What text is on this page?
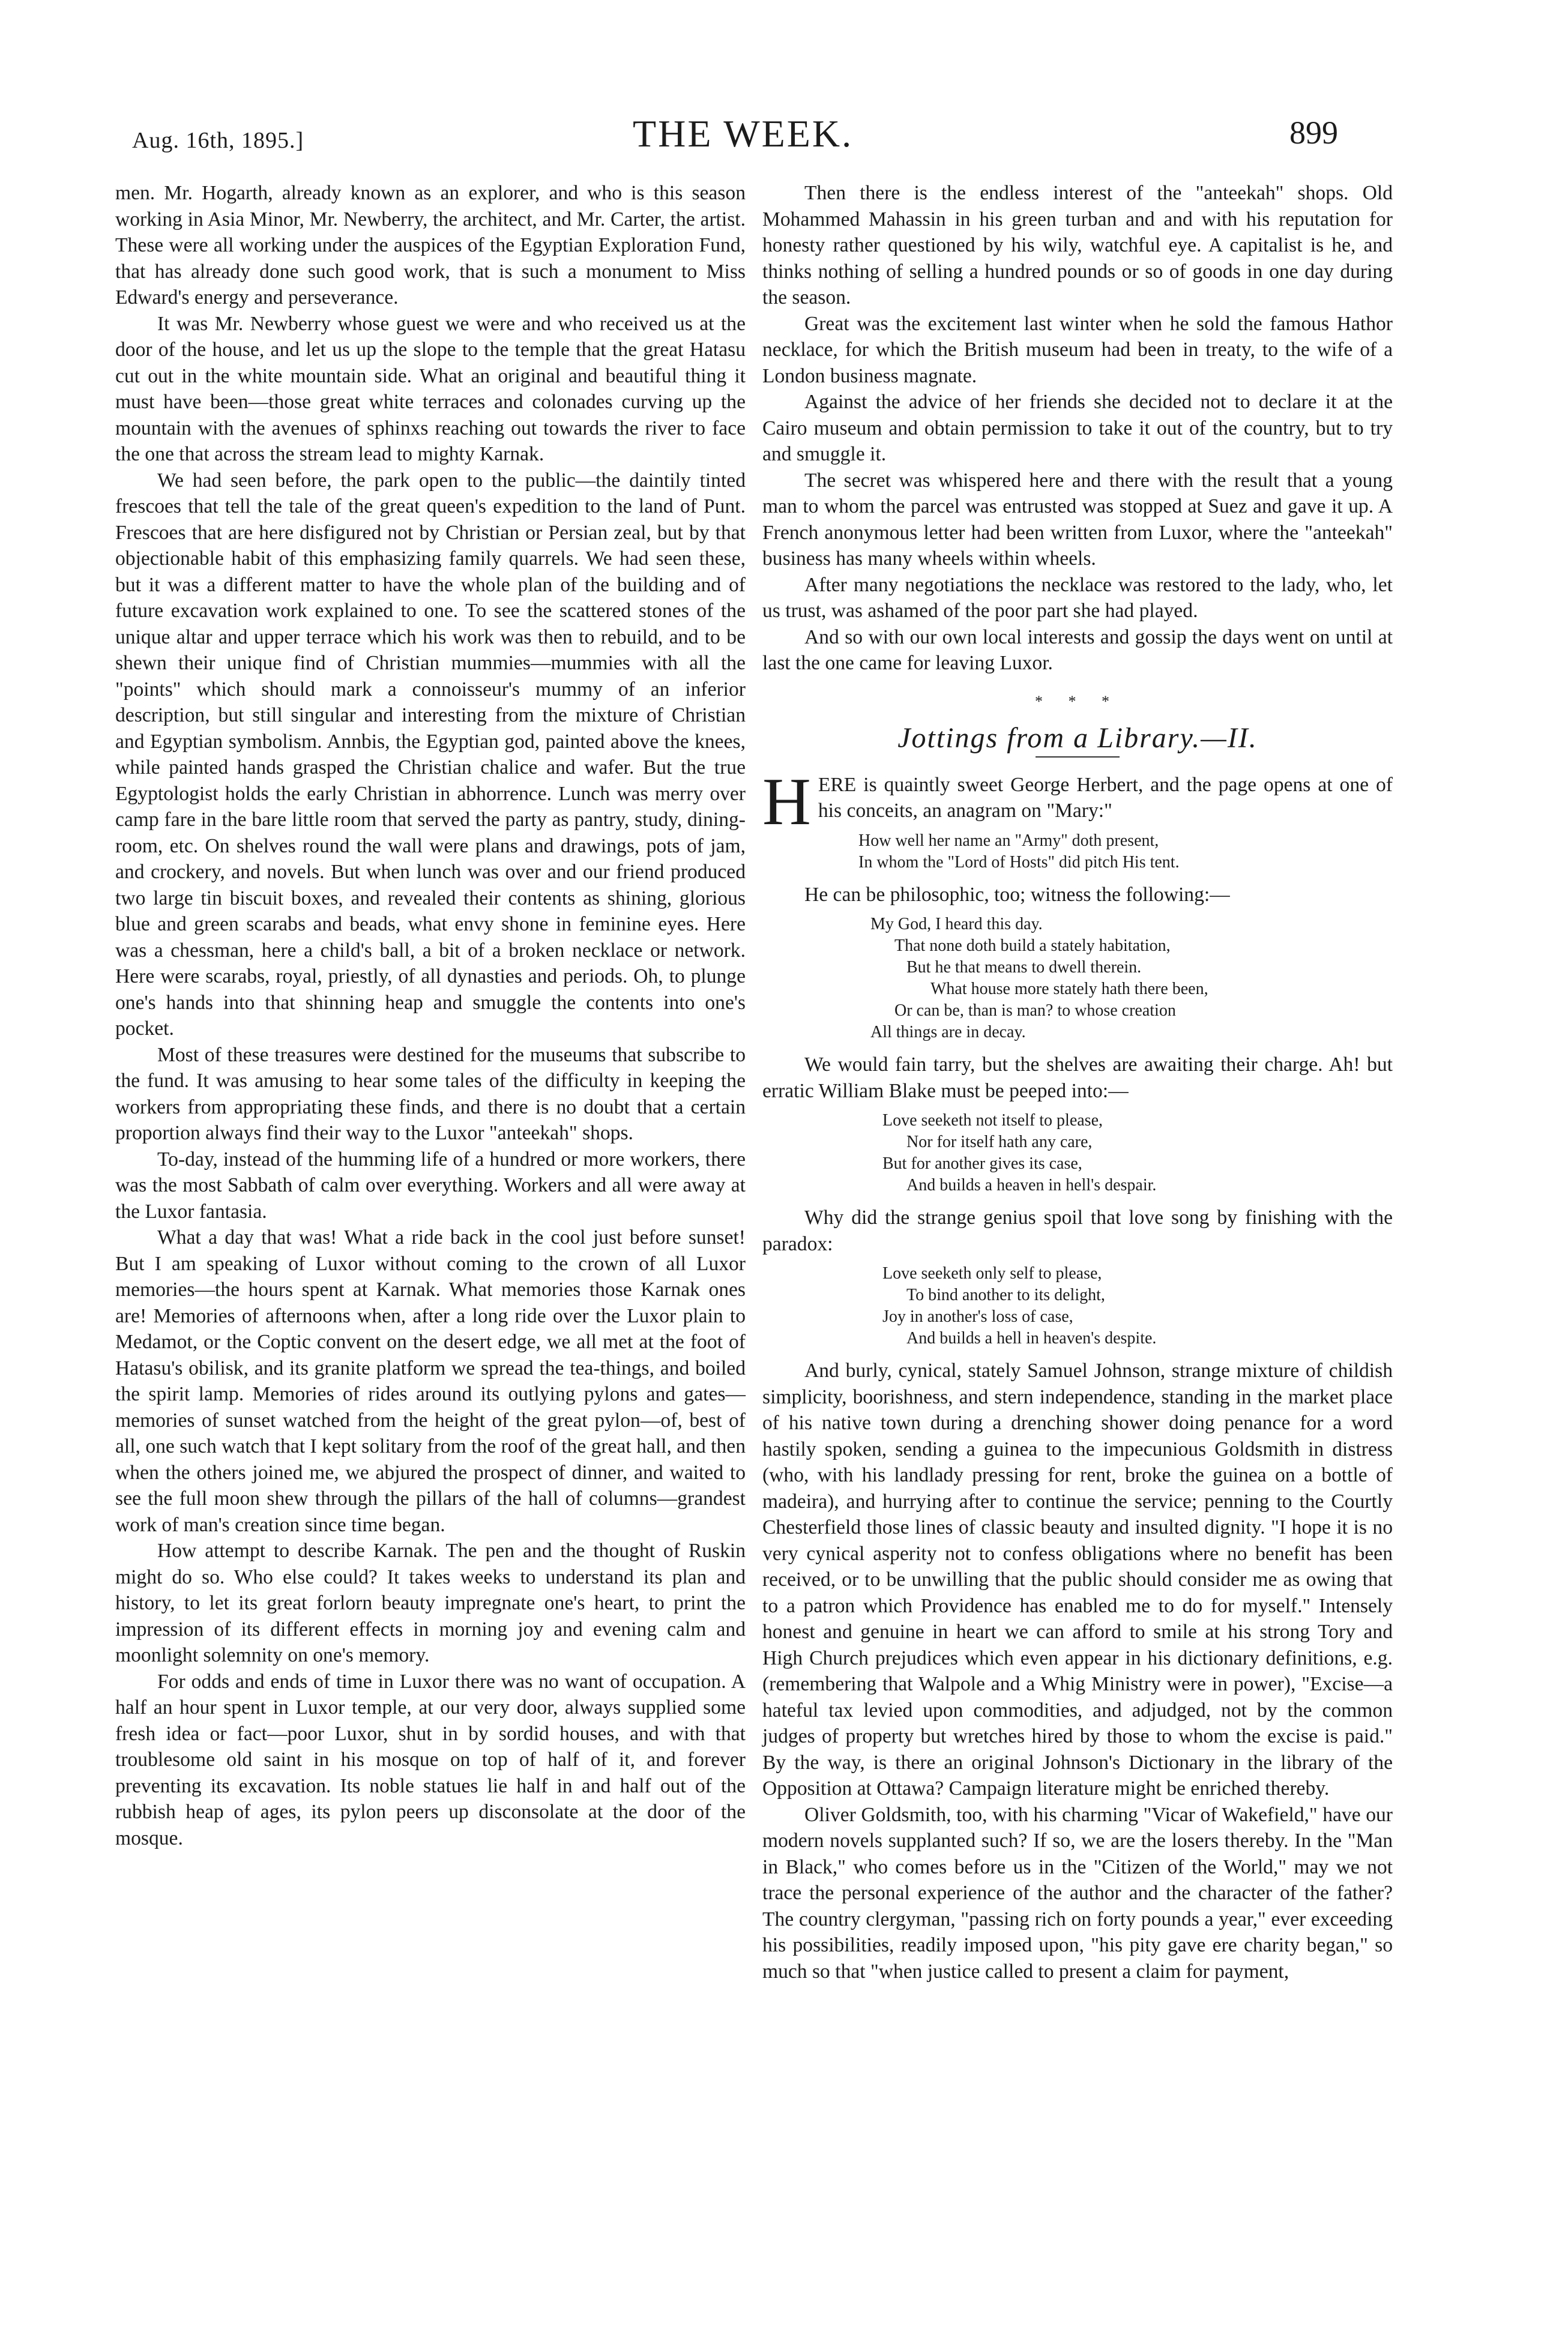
Aug. 16th, 1895.]	THE WEEK.	899

men. Mr. Hogarth, already known as an explorer, and who is this season working in Asia Minor, Mr. Newberry, the architect, and Mr. Carter, the artist. These were all working under the auspices of the Egyptian Exploration Fund, that has already done such good work, that is such a monument to Miss Edward's energy and perseverance.

It was Mr. Newberry whose guest we were and who received us at the door of the house, and let us up the slope to the temple that the great Hatasu cut out in the white mountain side. What an original and beautiful thing it must have been—those great white terraces and colonades curving up the mountain with the avenues of sphinxs reaching out towards the river to face the one that across the stream lead to mighty Karnak.

We had seen before, the park open to the public—the daintily tinted frescoes that tell the tale of the great queen's expedition to the land of Punt. Frescoes that are here disfigured not by Christian or Persian zeal, but by that objectionable habit of this emphasizing family quarrels. We had seen these, but it was a different matter to have the whole plan of the building and of future excavation work explained to one. To see the scattered stones of the unique altar and upper terrace which his work was then to rebuild, and to be shewn their unique find of Christian mummies—mummies with all the "points" which should mark a connoisseur's mummy of an inferior description, but still singular and interesting from the mixture of Christian and Egyptian symbolism. Annbis, the Egyptian god, painted above the knees, while painted hands grasped the Christian chalice and wafer. But the true Egyptologist holds the early Christian in abhorrence. Lunch was merry over camp fare in the bare little room that served the party as pantry, study, dining-room, etc. On shelves round the wall were plans and drawings, pots of jam, and crockery, and novels. But when lunch was over and our friend produced two large tin biscuit boxes, and revealed their contents as shining, glorious blue and green scarabs and beads, what envy shone in feminine eyes. Here was a chessman, here a child's ball, a bit of a broken necklace or network. Here were scarabs, royal, priestly, of all dynasties and periods. Oh, to plunge one's hands into that shinning heap and smuggle the contents into one's pocket.

Most of these treasures were destined for the museums that subscribe to the fund. It was amusing to hear some tales of the difficulty in keeping the workers from appropriating these finds, and there is no doubt that a certain proportion always find their way to the Luxor "anteekah" shops.

To-day, instead of the humming life of a hundred or more workers, there was the most Sabbath of calm over everything. Workers and all were away at the Luxor fantasia.

What a day that was! What a ride back in the cool just before sunset! But I am speaking of Luxor without coming to the crown of all Luxor memories—the hours spent at Karnak. What memories those Karnak ones are! Memories of afternoons when, after a long ride over the Luxor plain to Medamot, or the Coptic convent on the desert edge, we all met at the foot of Hatasu's obilisk, and its granite platform we spread the tea-things, and boiled the spirit lamp. Memories of rides around its outlying pylons and gates—memories of sunset watched from the height of the great pylon—of, best of all, one such watch that I kept solitary from the roof of the great hall, and then when the others joined me, we abjured the prospect of dinner, and waited to see the full moon shew through the pillars of the hall of columns—grandest work of man's creation since time began.

How attempt to describe Karnak. The pen and the thought of Ruskin might do so. Who else could? It takes weeks to understand its plan and history, to let its great forlorn beauty impregnate one's heart, to print the impression of its different effects in morning joy and evening calm and moonlight solemnity on one's memory.

For odds and ends of time in Luxor there was no want of occupation. A half an hour spent in Luxor temple, at our very door, always supplied some fresh idea or fact—poor Luxor, shut in by sordid houses, and with that troublesome old saint in his mosque on top of half of it, and forever preventing its excavation. Its noble statues lie half in and half out of the rubbish heap of ages, its pylon peers up disconsolate at the door of the mosque.

Then there is the endless interest of the "anteekah" shops. Old Mohammed Mahassin in his green turban and and with his reputation for honesty rather questioned by his wily, watchful eye. A capitalist is he, and thinks nothing of selling a hundred pounds or so of goods in one day during the season.

Great was the excitement last winter when he sold the famous Hathor necklace, for which the British museum had been in treaty, to the wife of a London business magnate.

Against the advice of her friends she decided not to declare it at the Cairo museum and obtain permission to take it out of the country, but to try and smuggle it.

The secret was whispered here and there with the result that a young man to whom the parcel was entrusted was stopped at Suez and gave it up. A French anonymous letter had been written from Luxor, where the "anteekah" business has many wheels within wheels.

After many negotiations the necklace was restored to the lady, who, let us trust, was ashamed of the poor part she had played.

And so with our own local interests and gossip the days went on until at last the one came for leaving Luxor.

* * *
Jottings from a Library.—II.

HERE is quaintly sweet George Herbert, and the page opens at one of his conceits, an anagram on "Mary:"

How well her name an "Army" doth present,
In whom the "Lord of Hosts" did pitch His tent.

He can be philosophic, too; witness the following:—

My God, I heard this day.
That none doth build a stately habitation,
But he that means to dwell therein.
What house more stately hath there been,
Or can be, than is man? to whose creation
All things are in decay.

We would fain tarry, but the shelves are awaiting their charge. Ah! but erratic William Blake must be peeped into:—

Love seeketh not itself to please,
Nor for itself hath any care,
But for another gives its case,
And builds a heaven in hell's despair.

Why did the strange genius spoil that love song by finishing with the paradox:

Love seeketh only self to please,
To bind another to its delight,
Joy in another's loss of case,
And builds a hell in heaven's despite.

And burly, cynical, stately Samuel Johnson, strange mixture of childish simplicity, boorishness, and stern independence, standing in the market place of his native town during a drenching shower doing penance for a word hastily spoken, sending a guinea to the impecunious Goldsmith in distress (who, with his landlady pressing for rent, broke the guinea on a bottle of madeira), and hurrying after to continue the service; penning to the Courtly Chesterfield those lines of classic beauty and insulted dignity. "I hope it is no very cynical asperity not to confess obligations where no benefit has been received, or to be unwilling that the public should consider me as owing that to a patron which Providence has enabled me to do for myself." Intensely honest and genuine in heart we can afford to smile at his strong Tory and High Church prejudices which even appear in his dictionary definitions, e.g. (remembering that Walpole and a Whig Ministry were in power), "Excise—a hateful tax levied upon commodities, and adjudged, not by the common judges of property but wretches hired by those to whom the excise is paid." By the way, is there an original Johnson's Dictionary in the library of the Opposition at Ottawa? Campaign literature might be enriched thereby.

Oliver Goldsmith, too, with his charming "Vicar of Wakefield," have our modern novels supplanted such? If so, we are the losers thereby. In the "Man in Black," who comes before us in the "Citizen of the World," may we not trace the personal experience of the author and the character of the father? The country clergyman, "passing rich on forty pounds a year," ever exceeding his possibilities, readily imposed upon, "his pity gave ere charity began," so much so that "when justice called to present a claim for payment,
